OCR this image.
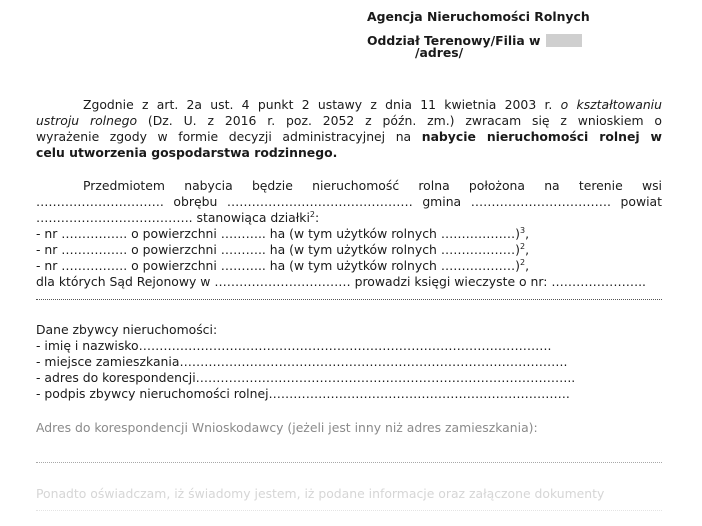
Agencja Nieruchomości Rolnych
Oddział Terenowy/Filia w
/adres/
Zgodnie z art. 2a ust. 4 punkt 2 ustawy z dnia 11 kwietnia 2003 r. o kształtowaniu
ustroju rolnego (Dz. U. z 2016 r. poz. 2052 z późn. zm.) zwracam się z wnioskiem o
wyrażenie zgody w formie decyzji administracyjnej na nabycie nieruchomości rolnej w
celu utworzenia gospodarstwa rodzinnego.
Przedmiotem nabycia będzie nieruchomość rolna położona na terenie wsi
…………………………. obrębu ……………………………………… gmina ……………………………. powiat
……………………………….. stanowiąca działki$^2$:
- nr ……………. o powierzchni ……….. ha (w tym użytków rolnych ………………)$^3$,
- nr ……………. o powierzchni ……….. ha (w tym użytków rolnych ………………)$^2$,
- nr ……………. o powierzchni ……….. ha (w tym użytków rolnych ………………)$^2$,
dla których Sąd Rejonowy w …………………………… prowadzi księgi wieczyste o nr: …………………..
Dane zbywcy nieruchomości:
- imię i nazwisko……………………………………………………………………………………….
- miejsce zamieszkania………………………………………………………………………………….
- adres do korespondencji………………………………………………………………………………..
- podpis zbywcy nieruchomości rolnej……………………………………………………………….
Adres do korespondencji Wnioskodawcy (jeżeli jest inny niż adres zamieszkania):
Ponadto oświadczam, iż świadomy jestem, iż podane informacje oraz załączone dokumenty
